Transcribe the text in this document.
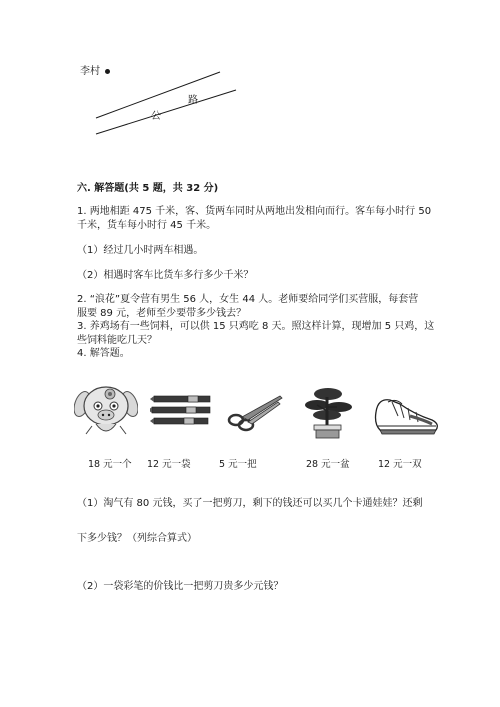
李村
公
路
六. 解答题(共 5 题，共 32 分)
1. 两地相距 475 千米，客、货两车同时从两地出发相向而行。客车每小时行 50
千米，货车每小时行 45 千米。
（1）经过几小时两车相遇。
（2）相遇时客车比货车多行多少千米？
2. “浪花”夏令营有男生 56 人，女生 44 人。老师要给同学们买营服，每套营
服要 89 元，老师至少要带多少钱去？
3. 养鸡场有一些饲料，可以供 15 只鸡吃 8 天。照这样计算，现增加 5 只鸡，这
些饲料能吃几天？
4. 解答题。
18 元一个 12 元一袋	5 元一把	28 元一盆	12 元一双
（1）淘气有 80 元钱，买了一把剪刀，剩下的钱还可以买几个卡通娃娃？还剩
下多少钱？（列综合算式）
（2）一袋彩笔的价钱比一把剪刀贵多少元钱？
